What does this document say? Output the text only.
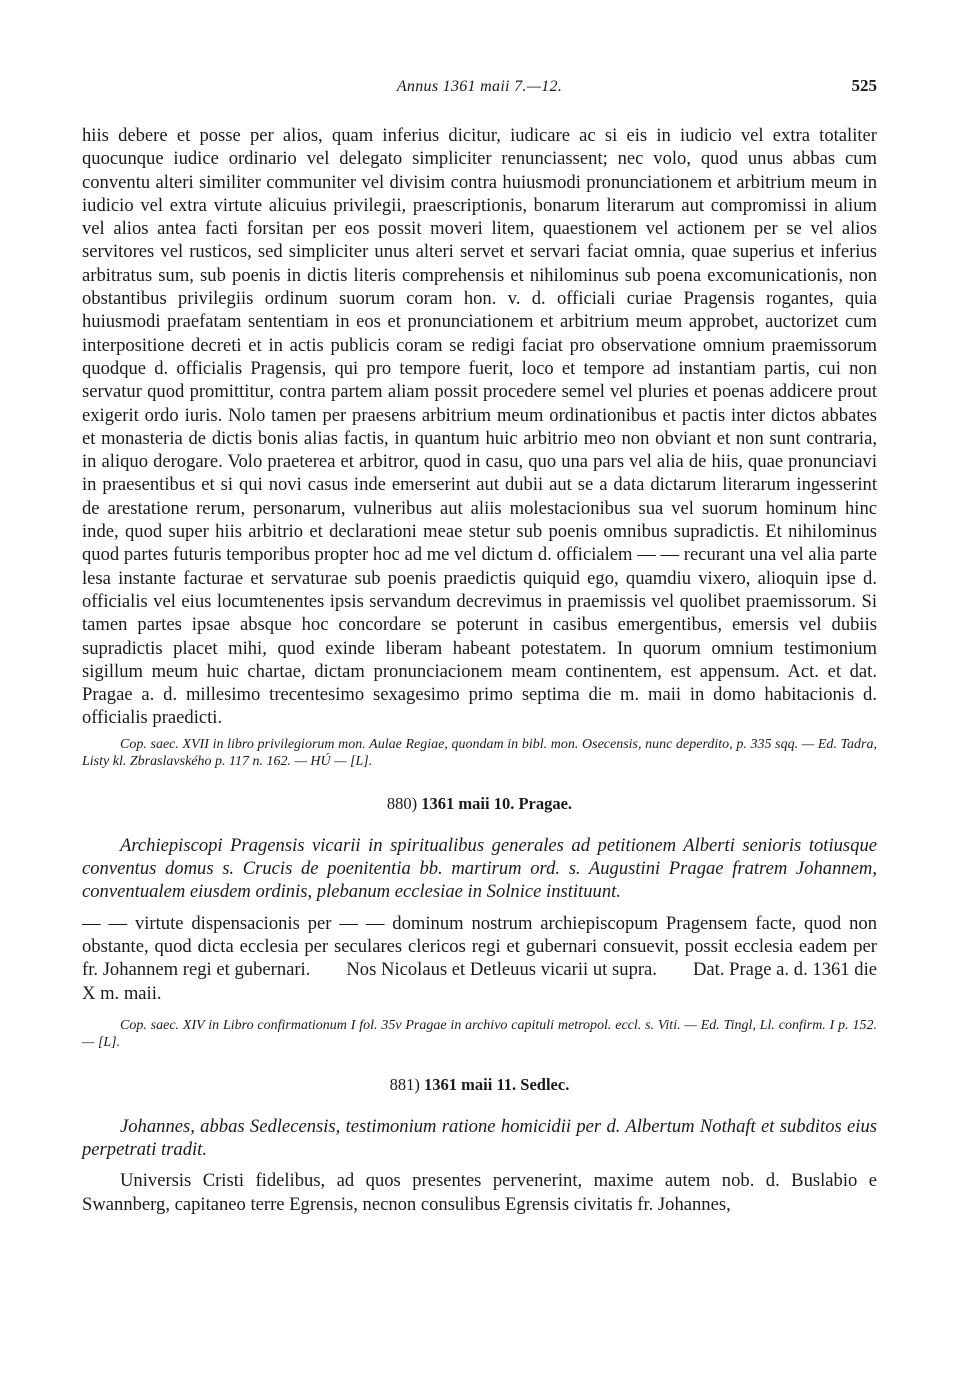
Annus 1361 maii 7.—12.	525

hiis debere et posse per alios, quam inferius dicitur, iudicare ac si eis in iudicio vel extra totaliter quocunque iudice ordinario vel delegato simpliciter renunciassent; nec volo, quod unus abbas cum conventu alteri similiter communiter vel divisim contra huiusmodi pronunciationem et arbitrium meum in iudicio vel extra virtute alicuius privilegii, praescriptionis, bonarum literarum aut compromissi in alium vel alios antea facti forsitan per eos possit moveri litem, quaestionem vel actionem per se vel alios servitores vel rusticos, sed simpliciter unus alteri servet et servari faciat omnia, quae superius et inferius arbitratus sum, sub poenis in dictis literis comprehensis et nihilominus sub poena excomunicationis, non obstantibus privilegiis ordinum suorum coram hon. v. d. officiali curiae Pragensis rogantes, quia huiusmodi praefatam sententiam in eos et pronunciationem et arbitrium meum approbet, auctorizet cum interpositione decreti et in actis publicis coram se redigi faciat pro observatione omnium praemissorum quodque d. officialis Pragensis, qui pro tempore fuerit, loco et tempore ad instantiam partis, cui non servatur quod promittitur, contra partem aliam possit procedere semel vel pluries et poenas addicere prout exigerit ordo iuris. Nolo tamen per praesens arbitrium meum ordinationibus et pactis inter dictos abbates et monasteria de dictis bonis alias factis, in quantum huic arbitrio meo non obviant et non sunt contraria, in aliquo derogare. Volo praeterea et arbitror, quod in casu, quo una pars vel alia de hiis, quae pronunciavi in praesentibus et si qui novi casus inde emerserint aut dubii aut se a data dictarum literarum ingesserint de arestatione rerum, personarum, vulneribus aut aliis molestacionibus sua vel suorum hominum hinc inde, quod super hiis arbitrio et declarationi meae stetur sub poenis omnibus supradictis. Et nihilominus quod partes futuris temporibus propter hoc ad me vel dictum d. officialem — — recurant una vel alia parte lesa instante facturae et servaturae sub poenis praedictis quiquid ego, quamdiu vixero, alioquin ipse d. officialis vel eius locumtenentes ipsis servandum decrevimus in praemissis vel quolibet praemissorum. Si tamen partes ipsae absque hoc concordare se poterunt in casibus emergentibus, emersis vel dubiis supradictis placet mihi, quod exinde liberam habeant potestatem. In quorum omnium testimonium sigillum meum huic chartae, dictam pronunciacionem meam continentem, est appensum. Act. et dat. Pragae a. d. millesimo trecentesimo sexagesimo primo septima die m. maii in domo habitacionis d. officialis praedicti.

Cop. saec. XVII in libro privilegiorum mon. Aulae Regiae, quondam in bibl. mon. Osecensis, nunc deperdito, p. 335 sqq. — Ed. Tadra, Listy kl. Zbraslavského p. 117 n. 162. — HÚ — [L].

880) 1361 maii 10. Pragae.

Archiepiscopi Pragensis vicarii in spiritualibus generales ad petitionem Alberti senioris totiusque conventus domus s. Crucis de poenitentia bb. martirum ord. s. Augustini Pragae fratrem Johannem, conventualem eiusdem ordinis, plebanum ecclesiae in Solnice instituunt.

— — virtute dispensacionis per — — dominum nostrum archiepiscopum Pragensem facte, quod non obstante, quod dicta ecclesia per seculares clericos regi et gubernari consuevit, possit ecclesia eadem per fr. Johannem regi et gubernari. Nos Nicolaus et Detleuus vicarii ut supra. Dat. Prage a. d. 1361 die X m. maii.

Cop. saec. XIV in Libro confirmationum I fol. 35v Pragae in archivo capituli metropol. eccl. s. Viti. — Ed. Tingl, Ll. confirm. I p. 152. — [L].

881) 1361 maii 11. Sedlec.

Johannes, abbas Sedlecensis, testimonium ratione homicidii per d. Albertum Nothaft et subditos eius perpetrati tradit.

Universis Cristi fidelibus, ad quos presentes pervenerint, maxime autem nob. d. Buslabio e Swannberg, capitaneo terre Egrensis, necnon consulibus Egrensis civitatis fr. Johannes,
